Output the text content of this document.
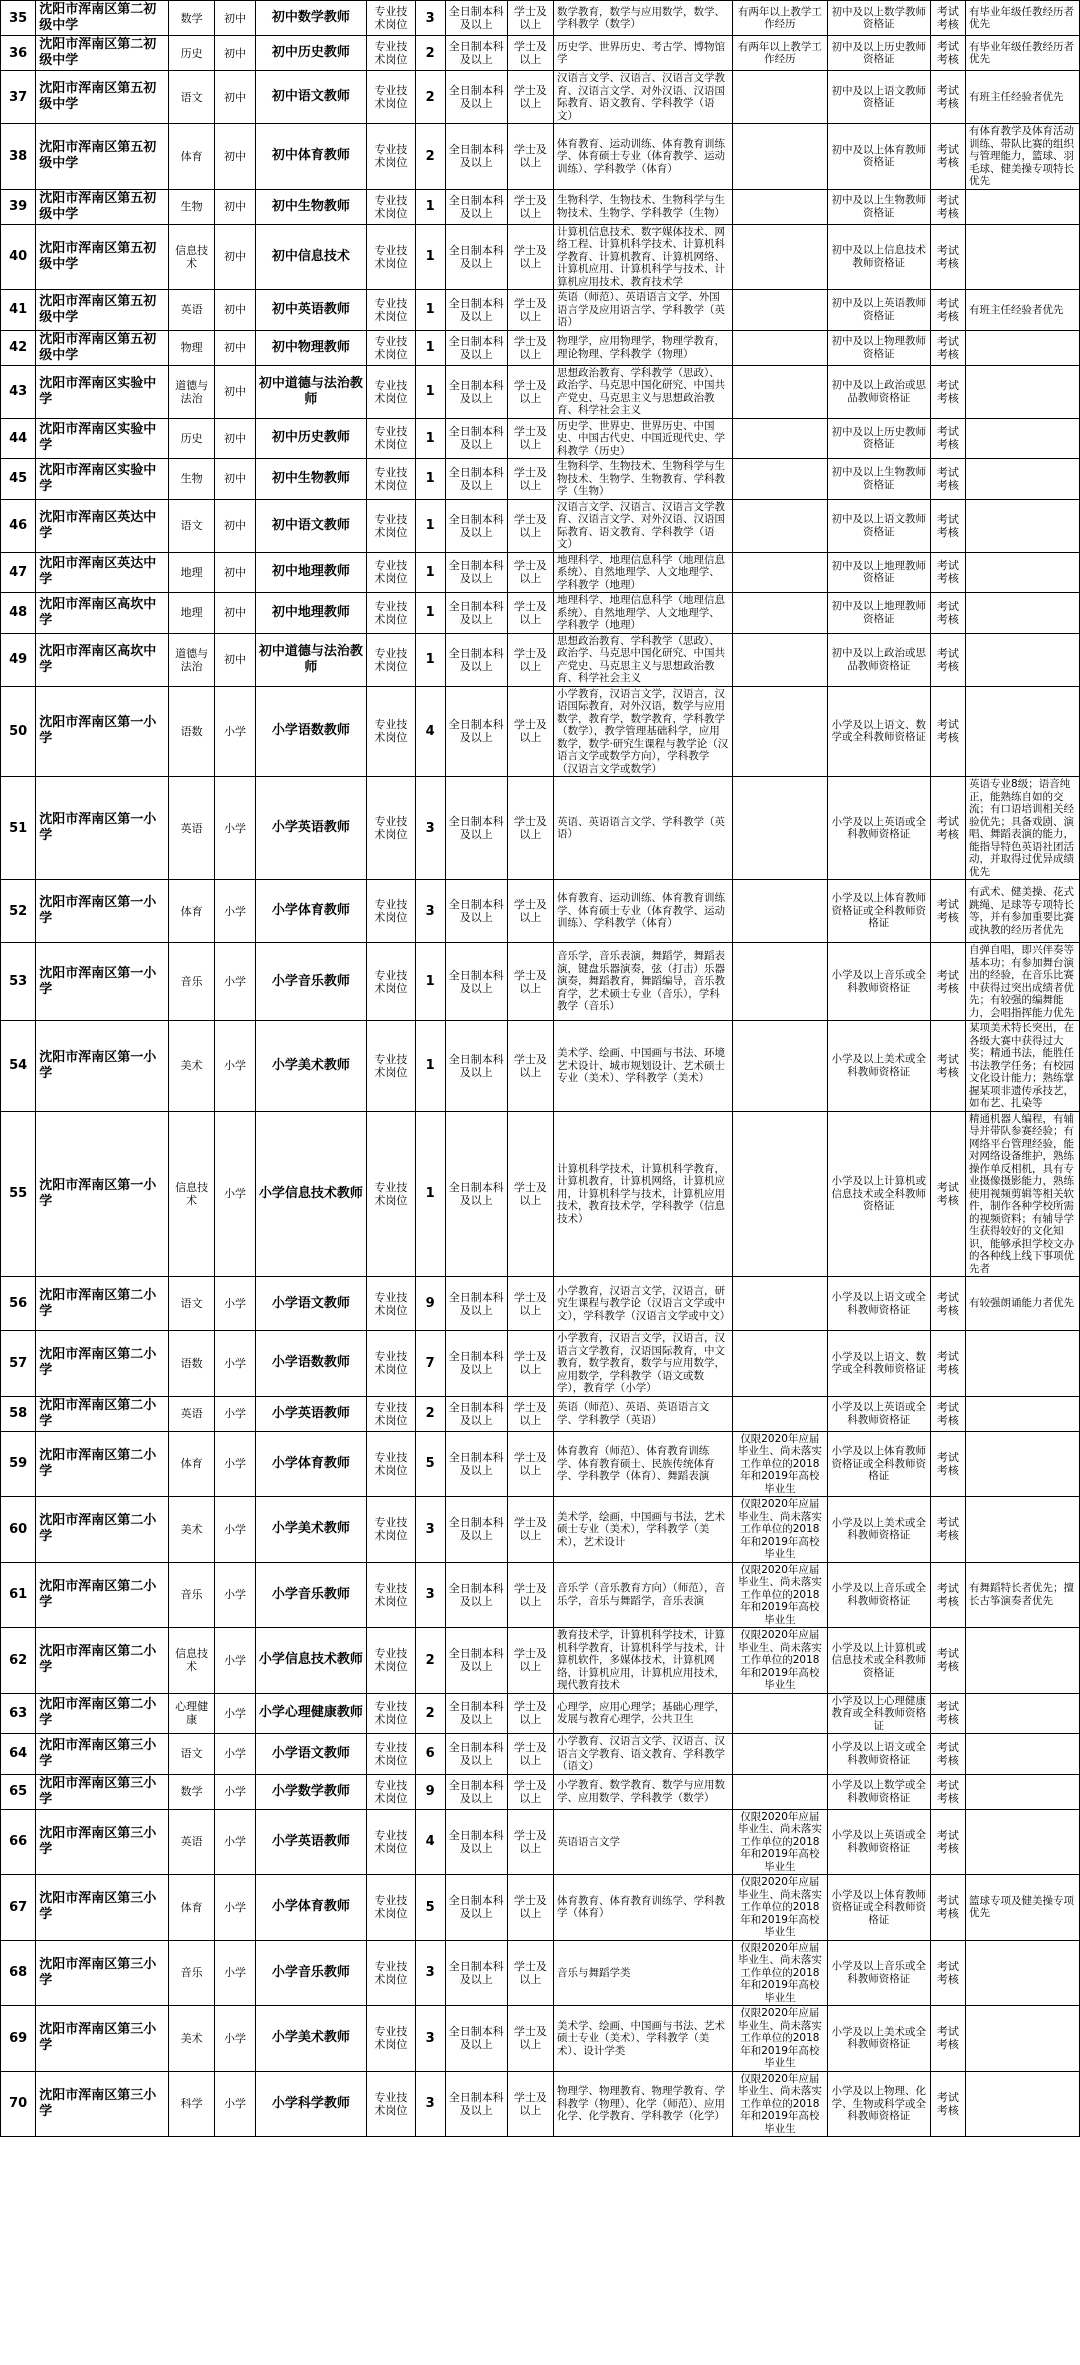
35	沈阳市浑南区第二初级中学	数学	初中	初中数学教师	专业技术岗位	3	全日制本科及以上	学士及以上	数学教育，数学与应用数学，数学、学科教学（数学）	有两年以上教学工作经历	初中及以上数学教师资格证	考试考核	有毕业年级任教经历者优先
36	沈阳市浑南区第二初级中学	历史	初中	初中历史教师	专业技术岗位	2	全日制本科及以上	学士及以上	历史学、世界历史、考古学、博物馆学	有两年以上教学工作经历	初中及以上历史教师资格证	考试考核	有毕业年级任教经历者优先
37	沈阳市浑南区第五初级中学	语文	初中	初中语文教师	专业技术岗位	2	全日制本科及以上	学士及以上	汉语言文学、汉语言、汉语言文学教育、汉语言文学、对外汉语、汉语国际教育、语文教育、学科教学（语文）		初中及以上语文教师资格证	考试考核	有班主任经验者优先
38	沈阳市浑南区第五初级中学	体育	初中	初中体育教师	专业技术岗位	2	全日制本科及以上	学士及以上	体育教育、运动训练、体育教育训练学、体育硕士专业（体育教学、运动训练）、学科教学（体育）		初中及以上体育教师资格证	考试考核	有体育教学及体育活动训练、带队比赛的组织与管理能力，篮球、羽毛球、健美操专项特长优先
39	沈阳市浑南区第五初级中学	生物	初中	初中生物教师	专业技术岗位	1	全日制本科及以上	学士及以上	生物科学、生物技术、生物科学与生物技术、生物学、学科教学（生物）		初中及以上生物教师资格证	考试考核	
40	沈阳市浑南区第五初级中学	信息技术	初中	初中信息技术	专业技术岗位	1	全日制本科及以上	学士及以上	计算机信息技术、数字媒体技术、网络工程、计算机科学技术、计算机科学教育、计算机教育、计算机网络、计算机应用、计算机科学与技术、计算机应用技术、教育技术学		初中及以上信息技术教师资格证	考试考核	
41	沈阳市浑南区第五初级中学	英语	初中	初中英语教师	专业技术岗位	1	全日制本科及以上	学士及以上	英语（师范）、英语语言文学、外国语言学及应用语言学、学科教学（英语）		初中及以上英语教师资格证	考试考核	有班主任经验者优先
42	沈阳市浑南区第五初级中学	物理	初中	初中物理教师	专业技术岗位	1	全日制本科及以上	学士及以上	物理学，应用物理学，物理学教育，理论物理、学科教学（物理）		初中及以上物理教师资格证	考试考核	
43	沈阳市浑南区实验中学	道德与法治	初中	初中道德与法治教师	专业技术岗位	1	全日制本科及以上	学士及以上	思想政治教育、学科教学（思政）、政治学、马克思中国化研究、中国共产党史、马克思主义与思想政治教育、科学社会主义		初中及以上政治或思品教师资格证	考试考核	
44	沈阳市浑南区实验中学	历史	初中	初中历史教师	专业技术岗位	1	全日制本科及以上	学士及以上	历史学、世界史、世界历史、中国史、中国古代史、中国近现代史、学科教学（历史）		初中及以上历史教师资格证	考试考核	
45	沈阳市浑南区实验中学	生物	初中	初中生物教师	专业技术岗位	1	全日制本科及以上	学士及以上	生物科学、生物技术、生物科学与生物技术、生物学、生物教育、学科教学（生物）		初中及以上生物教师资格证	考试考核	
46	沈阳市浑南区英达中学	语文	初中	初中语文教师	专业技术岗位	1	全日制本科及以上	学士及以上	汉语言文学、汉语言、汉语言文学教育、汉语言文学、对外汉语、汉语国际教育、语文教育、学科教学（语文）		初中及以上语文教师资格证	考试考核	
47	沈阳市浑南区英达中学	地理	初中	初中地理教师	专业技术岗位	1	全日制本科及以上	学士及以上	地理科学、地理信息科学（地理信息系统）、自然地理学、人文地理学、学科教学（地理）		初中及以上地理教师资格证	考试考核	
48	沈阳市浑南区高坎中学	地理	初中	初中地理教师	专业技术岗位	1	全日制本科及以上	学士及以上	地理科学、地理信息科学（地理信息系统）、自然地理学、人文地理学、学科教学（地理）		初中及以上地理教师资格证	考试考核	
49	沈阳市浑南区高坎中学	道德与法治	初中	初中道德与法治教师	专业技术岗位	1	全日制本科及以上	学士及以上	思想政治教育、学科教学（思政）、政治学、马克思中国化研究、中国共产党史、马克思主义与思想政治教育、科学社会主义		初中及以上政治或思品教师资格证	考试考核	
50	沈阳市浑南区第一小学	语数	小学	小学语数教师	专业技术岗位	4	全日制本科及以上	学士及以上	小学教育，汉语言文学，汉语言，汉语国际教育，对外汉语，数学与应用数学，教育学，数学教育，学科教学（数学），教学管理基础科学，应用数学，数学·研究生课程与教学论（汉语言文学或数学方向），学科教学（汉语言文学或数学）		小学及以上语文、数学或全科教师资格证	考试考核	
51	沈阳市浑南区第一小学	英语	小学	小学英语教师	专业技术岗位	3	全日制本科及以上	学士及以上	英语、英语语言文学、学科教学（英语）		小学及以上英语或全科教师资格证	考试考核	英语专业8级；语音纯正，能熟练自如的交流；有口语培训相关经验优先；具备戏剧、演唱、舞蹈表演的能力，能指导特色英语社团活动，并取得过优异成绩优先
52	沈阳市浑南区第一小学	体育	小学	小学体育教师	专业技术岗位	3	全日制本科及以上	学士及以上	体育教育、运动训练、体育教育训练学、体育硕士专业（体育教学、运动训练）、学科教学（体育）		小学及以上体育教师资格证或全科教师资格证	考试考核	有武术、健美操、花式跳绳、足球等专项特长等，并有参加重要比赛或执教的经历者优先
53	沈阳市浑南区第一小学	音乐	小学	小学音乐教师	专业技术岗位	1	全日制本科及以上	学士及以上	音乐学，音乐表演，舞蹈学，舞蹈表演，键盘乐器演奏，弦（打击）乐器演奏，舞蹈教育，舞蹈编导，音乐教育学，艺术硕士专业（音乐），学科教学（音乐）		小学及以上音乐或全科教师资格证	考试考核	自弹自唱，即兴伴奏等基本功；有参加舞台演出的经验，在音乐比赛中获得过突出成绩者优先；有较强的编舞能力，会唱指挥能力优先
54	沈阳市浑南区第一小学	美术	小学	小学美术教师	专业技术岗位	1	全日制本科及以上	学士及以上	美术学、绘画、中国画与书法、环境艺术设计、城市规划设计、艺术硕士专业（美术）、学科教学（美术）		小学及以上美术或全科教师资格证	考试考核	某项美术特长突出，在各级大赛中获得过大奖；精通书法，能胜任书法教学任务；有校园文化设计能力；熟练掌握某项非遗传承技艺，如布艺、扎染等
55	沈阳市浑南区第一小学	信息技术	小学	小学信息技术教师	专业技术岗位	1	全日制本科及以上	学士及以上	计算机科学技术，计算机科学教育，计算机教育，计算机网络，计算机应用，计算机科学与技术，计算机应用技术，教育技术学，学科教学（信息技术）		小学及以上计算机或信息技术或全科教师资格证	考试考核	精通机器人编程，有辅导并带队参赛经验；有网络平台管理经验，能对网络设备维护，熟练操作单反相机，具有专业摄像摄影能力，熟练使用视频剪辑等相关软件，制作各种学校所需的视频资料；有辅导学生获得较好的文化知识，能够承担学校文办的各种线上线下事项优先者
56	沈阳市浑南区第二小学	语文	小学	小学语文教师	专业技术岗位	9	全日制本科及以上	学士及以上	小学教育，汉语言文学，汉语言，研究生课程与教学论（汉语言文学或中文），学科教学（汉语言文学或中文）		小学及以上语文或全科教师资格证	考试考核	有较强朗诵能力者优先
57	沈阳市浑南区第二小学	语数	小学	小学语数教师	专业技术岗位	7	全日制本科及以上	学士及以上	小学教育，汉语言文学，汉语言，汉语言文学教育，汉语国际教育，中文教育，数学教育，数学与应用数学，应用数学，学科教学（语文或数学），教育学（小学）		小学及以上语文、数学或全科教师资格证	考试考核	
58	沈阳市浑南区第二小学	英语	小学	小学英语教师	专业技术岗位	2	全日制本科及以上	学士及以上	英语（师范）、英语、英语语言文学、学科教学（英语）		小学及以上英语或全科教师资格证	考试考核	
59	沈阳市浑南区第二小学	体育	小学	小学体育教师	专业技术岗位	5	全日制本科及以上	学士及以上	体育教育（师范）、体育教育训练学、体育教育硕士、民族传统体育学、学科教学（体育）、舞蹈表演	仅限2020年应届毕业生、尚未落实工作单位的2018年和2019年高校毕业生	小学及以上体育教师资格证或全科教师资格证	考试考核	
60	沈阳市浑南区第二小学	美术	小学	小学美术教师	专业技术岗位	3	全日制本科及以上	学士及以上	美术学，绘画，中国画与书法，艺术硕士专业（美术），学科教学（美术），艺术设计	仅限2020年应届毕业生、尚未落实工作单位的2018年和2019年高校毕业生	小学及以上美术或全科教师资格证	考试考核	
61	沈阳市浑南区第二小学	音乐	小学	小学音乐教师	专业技术岗位	3	全日制本科及以上	学士及以上	音乐学（音乐教育方向）（师范），音乐学，音乐与舞蹈学，音乐表演	仅限2020年应届毕业生、尚未落实工作单位的2018年和2019年高校毕业生	小学及以上音乐或全科教师资格证	考试考核	有舞蹈特长者优先；擅长古筝演奏者优先
62	沈阳市浑南区第二小学	信息技术	小学	小学信息技术教师	专业技术岗位	2	全日制本科及以上	学士及以上	教育技术学，计算机科学技术，计算机科学教育，计算机科学与技术，计算机软件，多媒体技术，计算机网络，计算机应用，计算机应用技术，现代教育技术	仅限2020年应届毕业生、尚未落实工作单位的2018年和2019年高校毕业生	小学及以上计算机或信息技术或全科教师资格证	考试考核	
63	沈阳市浑南区第二小学	心理健康	小学	小学心理健康教师	专业技术岗位	2	全日制本科及以上	学士及以上	心理学，应用心理学；基础心理学，发展与教育心理学，公共卫生		小学及以上心理健康教育或全科教师资格证	考试考核	
64	沈阳市浑南区第三小学	语文	小学	小学语文教师	专业技术岗位	6	全日制本科及以上	学士及以上	小学教育、汉语言文学、汉语言、汉语言文学教育、语文教育、学科教学（语文）		小学及以上语文或全科教师资格证	考试考核	
65	沈阳市浑南区第三小学	数学	小学	小学数学教师	专业技术岗位	9	全日制本科及以上	学士及以上	小学教育、数学教育、数学与应用数学、应用数学、学科教学（数学）		小学及以上数学或全科教师资格证	考试考核	
66	沈阳市浑南区第三小学	英语	小学	小学英语教师	专业技术岗位	4	全日制本科及以上	学士及以上	英语语言文学	仅限2020年应届毕业生、尚未落实工作单位的2018年和2019年高校毕业生	小学及以上英语或全科教师资格证	考试考核	
67	沈阳市浑南区第三小学	体育	小学	小学体育教师	专业技术岗位	5	全日制本科及以上	学士及以上	体育教育、体育教育训练学、学科教学（体育）	仅限2020年应届毕业生、尚未落实工作单位的2018年和2019年高校毕业生	小学及以上体育教师资格证或全科教师资格证	考试考核	篮球专项及健美操专项优先
68	沈阳市浑南区第三小学	音乐	小学	小学音乐教师	专业技术岗位	3	全日制本科及以上	学士及以上	音乐与舞蹈学类	仅限2020年应届毕业生、尚未落实工作单位的2018年和2019年高校毕业生	小学及以上音乐或全科教师资格证	考试考核	
69	沈阳市浑南区第三小学	美术	小学	小学美术教师	专业技术岗位	3	全日制本科及以上	学士及以上	美术学、绘画、中国画与书法、艺术硕士专业（美术）、学科教学（美术）、设计学类	仅限2020年应届毕业生、尚未落实工作单位的2018年和2019年高校毕业生	小学及以上美术或全科教师资格证	考试考核	
70	沈阳市浑南区第三小学	科学	小学	小学科学教师	专业技术岗位	3	全日制本科及以上	学士及以上	物理学、物理教育、物理学教育、学科教学（物理）、化学（师范）、应用化学、化学教育、学科教学（化学）	仅限2020年应届毕业生、尚未落实工作单位的2018年和2019年高校毕业生	小学及以上物理、化学、生物或科学或全科教师资格证	考试考核	
